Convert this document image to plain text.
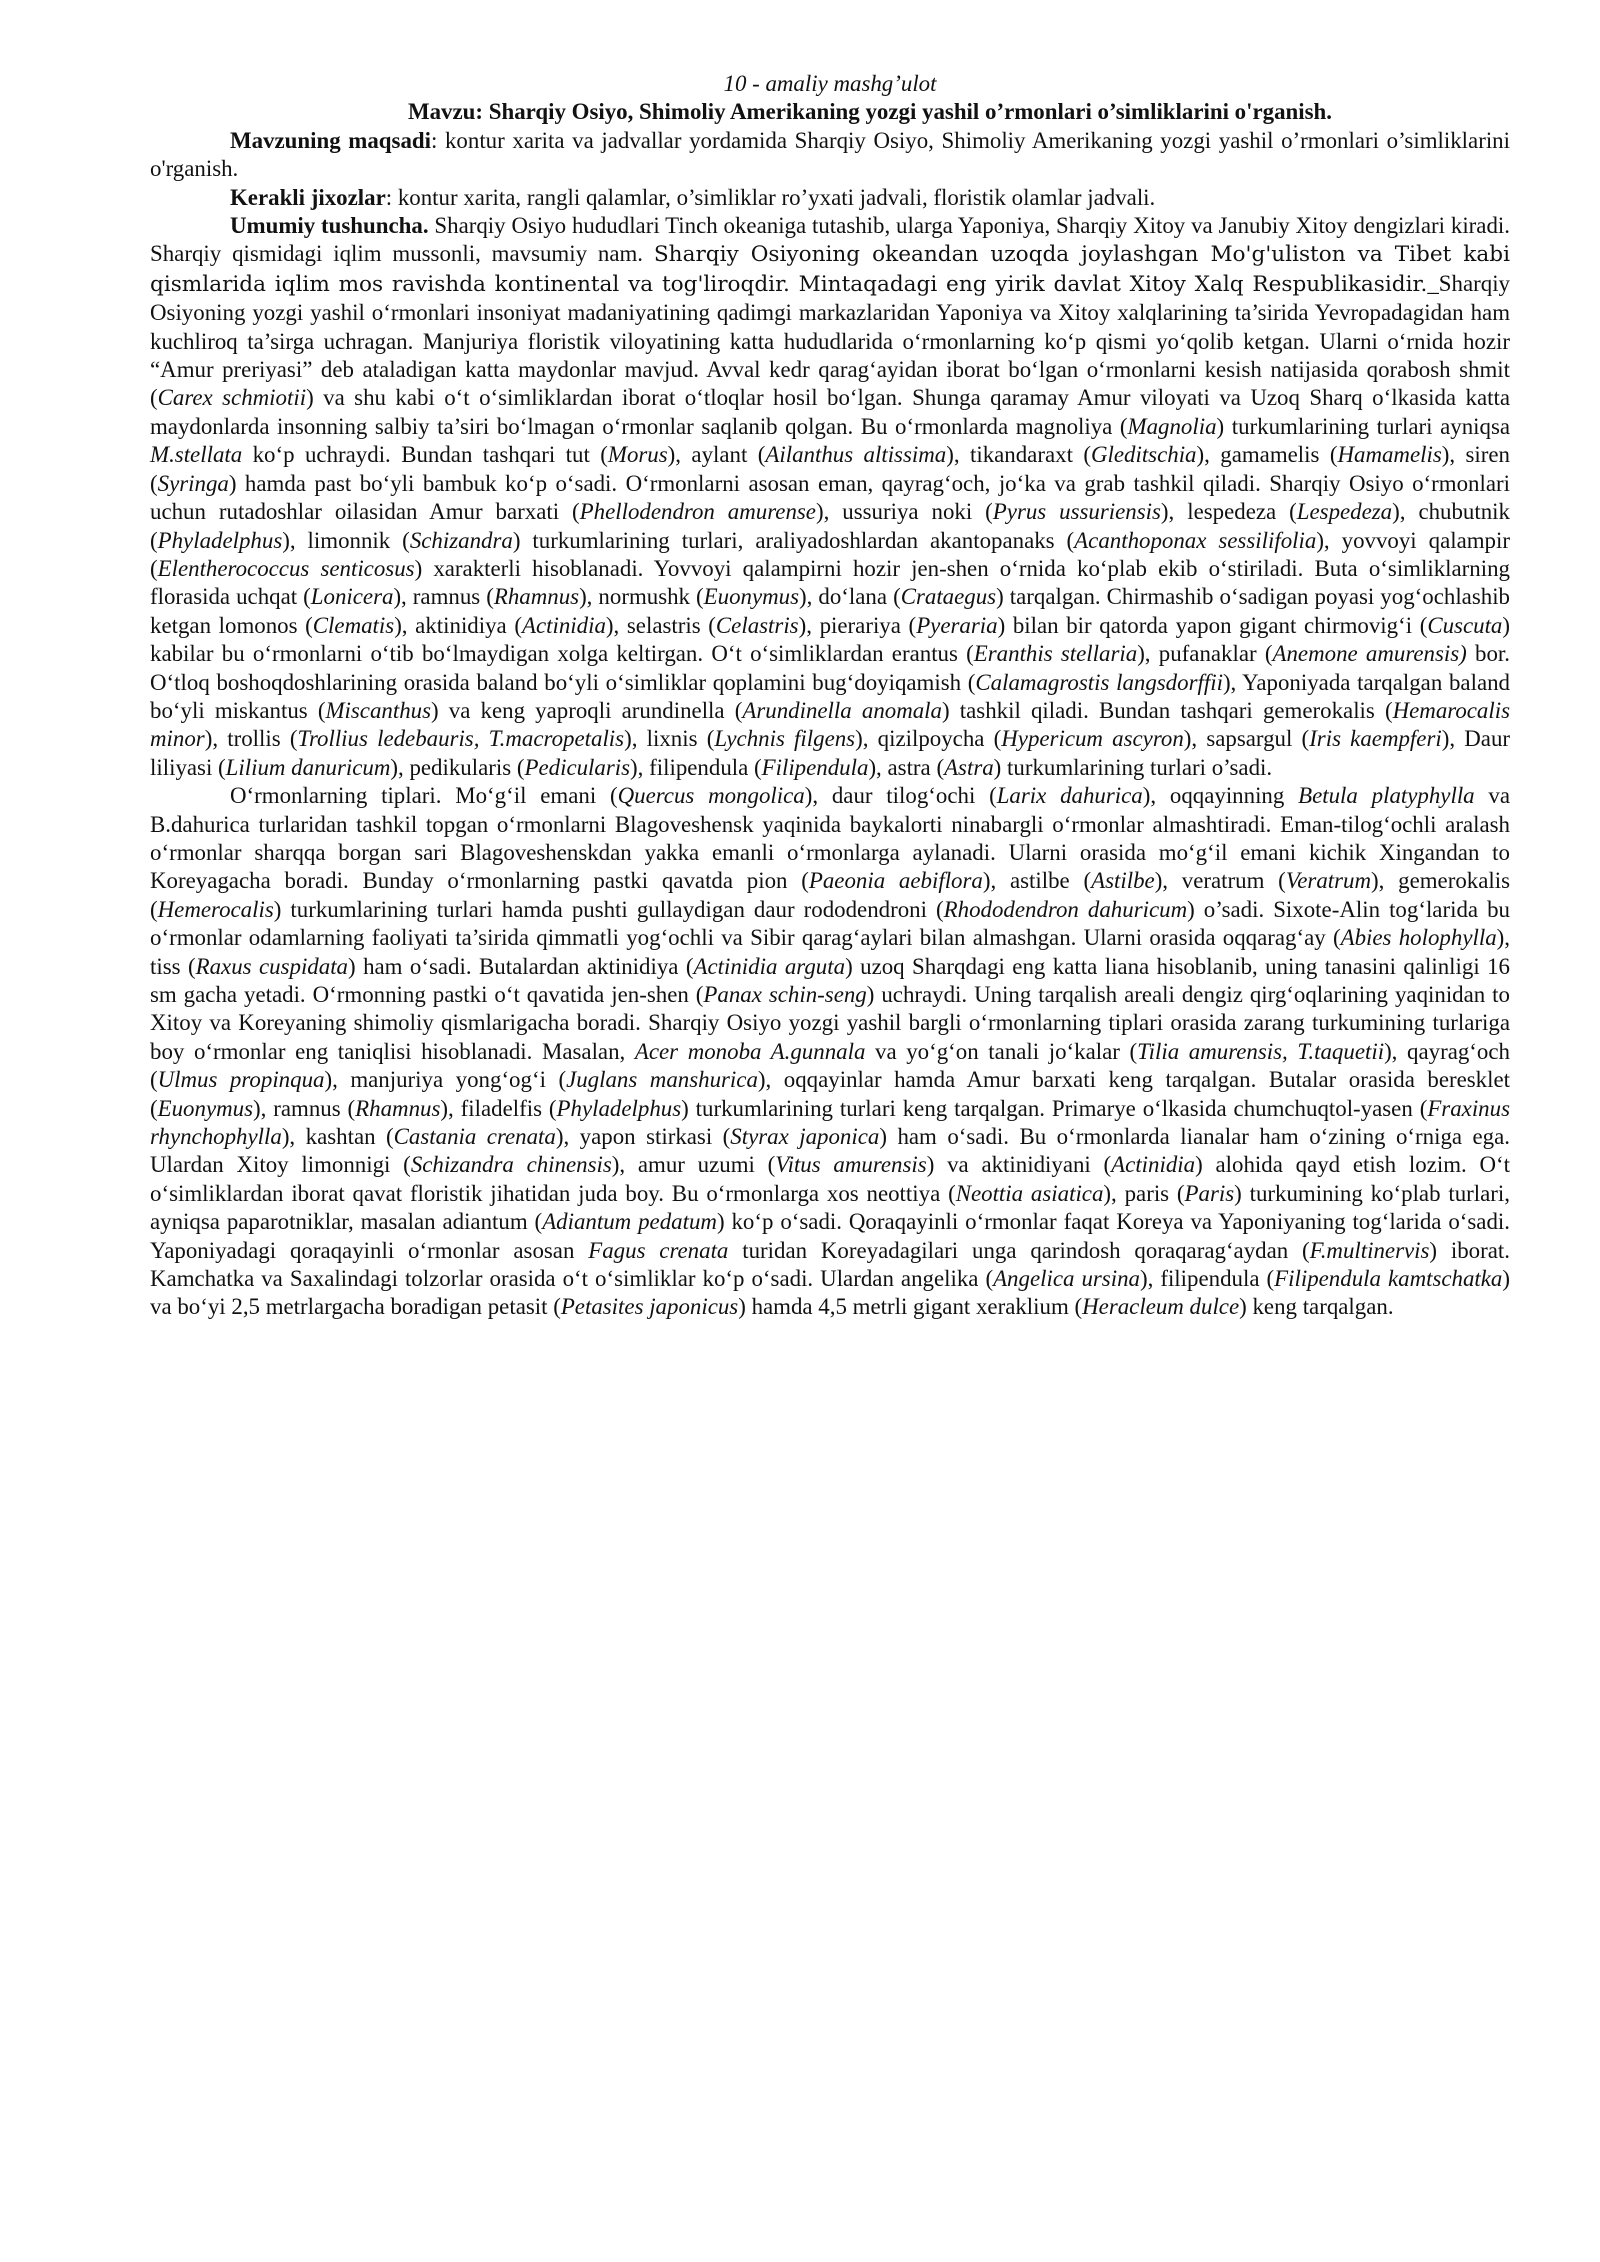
10 - amaliy mashg’ulot

Mavzu: Sharqiy Osiyo, Shimoliy Amerikaning yozgi yashil o’rmonlari o’simliklarini o'rganish.

Mavzuning maqsadi: kontur xarita va jadvallar yordamida Sharqiy Osiyo, Shimoliy Amerikaning yozgi yashil o’rmonlari o’simliklarini o'rganish.

Kerakli jixozlar: kontur xarita, rangli qalamlar, o’simliklar ro’yxati jadvali, floristik olamlar jadvali.

Umumiy tushuncha. Sharqiy Osiyo hududlari Tinch okeaniga tutashib, ularga Yaponiya, Sharqiy Xitoy va Janubiy Xitoy dengizlari kiradi. Sharqiy qismidagi iqlim mussonli, mavsumiy nam. Sharqiy Osiyoning okeandan uzoqda joylashgan Mo'g'uliston va Tibet kabi qismlarida iqlim mos ravishda kontinental va tog'liroqdir. Mintaqadagi eng yirik davlat Xitoy Xalq Respublikasidir._Sharqiy Osiyoning yozgi yashil oʻrmonlari insoniyat madaniyatining qadimgi markazlaridan Yaponiya va Xitoy xalqlarining ta’sirida Yevropadagidan ham kuchliroq ta’sirga uchragan. Manjuriya floristik viloyatining katta hududlarida oʻrmonlarning koʻp qismi yoʻqolib ketgan. Ularni oʻrnida hozir “Amur preriyasi” deb ataladigan katta maydonlar mavjud. Avval kedr qaragʻayidan iborat boʻlgan oʻrmonlarni kesish natijasida qorabosh shmit (Carex schmiotii) va shu kabi oʻt oʻsimliklardan iborat oʻtloqlar hosil boʻlgan. Shunga qaramay Amur viloyati va Uzoq Sharq oʻlkasida katta maydonlarda insonning salbiy ta’siri boʻlmagan oʻrmonlar saqlanib qolgan. Bu oʻrmonlarda magnoliya (Magnolia) turkumlarining turlari ayniqsa M.stellata koʻp uchraydi. Bundan tashqari tut (Morus), aylant (Ailanthus altissima), tikandaraxt (Gleditschia), gamamelis (Hamamelis), siren (Syringa) hamda past boʻyli bambuk koʻp oʻsadi. Oʻrmonlarni asosan eman, qayragʻoch, joʻka va grab tashkil qiladi. Sharqiy Osiyo oʻrmonlari uchun rutadoshlar oilasidan Amur barxati (Phellodendron amurense), ussuriya noki (Pyrus ussuriensis), lespedeza (Lespedeza), chubutnik (Phyladelphus), limonnik (Schizandra) turkumlarining turlari, araliyadoshlardan akantopanaks (Acanthoponax sessilifolia), yovvoyi qalampir (Elentherococcus senticosus) xarakterli hisoblanadi. Yovvoyi qalampirni hozir jen-shen oʻrnida koʻplab ekib oʻstiriladi. Buta oʻsimliklarning florasida uchqat (Lonicera), ramnus (Rhamnus), normushk (Euonymus), doʻlana (Crataegus) tarqalgan. Chirmashib oʻsadigan poyasi yogʻochlashib ketgan lomonos (Clematis), aktinidiya (Actinidia), selastris (Celastris), pierariya (Pyeraria) bilan bir qatorda yapon gigant chirmovigʻi (Cuscuta) kabilar bu oʻrmonlarni oʻtib boʻlmaydigan xolga keltirgan. Oʻt oʻsimliklardan erantus (Eranthis stellaria), pufanaklar (Anemone amurensis) bor. Oʻtloq boshoqdoshlarining orasida baland boʻyli oʻsimliklar qoplamini bugʻdoyiqamish (Calamagrostis langsdorffii), Yaponiyada tarqalgan baland boʻyli miskantus (Miscanthus) va keng yaproqli arundinella (Arundinella anomala) tashkil qiladi. Bundan tashqari gemerokalis (Hemarocalis minor), trollis (Trollius ledebauris, T.macropetalis), lixnis (Lychnis filgens), qizilpoycha (Hypericum ascyron), sapsargul (Iris kaempferi), Daur liliyasi (Lilium danuricum), pedikularis (Pedicularis), filipendula (Filipendula), astra (Astra) turkumlarining turlari o’sadi.

Oʻrmonlarning tiplari. Moʻgʻil emani (Quercus mongolica), daur tilogʻochi (Larix dahurica), oqqayinning Betula platyphylla va B.dahurica turlaridan tashkil topgan oʻrmonlarni Blagoveshensk yaqinida baykalorti ninabargli oʻrmonlar almashtiradi. Eman-tilogʻochli aralash oʻrmonlar sharqqa borgan sari Blagoveshenskdan yakka emanli oʻrmonlarga aylanadi. Ularni orasida moʻgʻil emani kichik Xingandan to Koreyagacha boradi. Bunday oʻrmonlarning pastki qavatda pion (Paeonia aebiflora), astilbe (Astilbe), veratrum (Veratrum), gemerokalis (Hemerocalis) turkumlarining turlari hamda pushti gullaydigan daur rododendroni (Rhododendron dahuricum) o’sadi. Sixote-Alin togʻlarida bu oʻrmonlar odamlarning faoliyati ta’sirida qimmatli yogʻochli va Sibir qaragʻaylari bilan almashgan. Ularni orasida oqqaragʻay (Abies holophylla), tiss (Raxus cuspidata) ham oʻsadi. Butalardan aktinidiya (Actinidia arguta) uzoq Sharqdagi eng katta liana hisoblanib, uning tanasini qalinligi 16 sm gacha yetadi. Oʻrmonning pastki oʻt qavatida jen-shen (Panax schin-seng) uchraydi. Uning tarqalish areali dengiz qirgʻoqlarining yaqinidan to Xitoy va Koreyaning shimoliy qismlarigacha boradi. Sharqiy Osiyo yozgi yashil bargli oʻrmonlarning tiplari orasida zarang turkumining turlariga boy oʻrmonlar eng taniqlisi hisoblanadi. Masalan, Acer monoba A.gunnala va yoʻgʻon tanali joʻkalar (Tilia amurensis, T.taquetii), qayragʻoch (Ulmus propinqua), manjuriya yongʻogʻi (Juglans manshurica), oqqayinlar hamda Amur barxati keng tarqalgan. Butalar orasida beresklet (Euonymus), ramnus (Rhamnus), filadelfis (Phyladelphus) turkumlarining turlari keng tarqalgan. Primarye oʻlkasida chumchuqtol-yasen (Fraxinus rhynchophylla), kashtan (Castania crenata), yapon stirkasi (Styrax japonica) ham oʻsadi. Bu oʻrmonlarda lianalar ham oʻzining oʻrniga ega. Ulardan Xitoy limonnigi (Schizandra chinensis), amur uzumi (Vitus amurensis) va aktinidiyani (Actinidia) alohida qayd etish lozim. Oʻt oʻsimliklardan iborat qavat floristik jihatidan juda boy. Bu oʻrmonlarga xos neottiya (Neottia asiatica), paris (Paris) turkumining koʻplab turlari, ayniqsa paparotniklar, masalan adiantum (Adiantum pedatum) koʻp oʻsadi. Qoraqayinli oʻrmonlar faqat Koreya va Yaponiyaning togʻlarida oʻsadi. Yaponiyadagi qoraqayinli oʻrmonlar asosan Fagus crenata turidan Koreyadagilari unga qarindosh qoraqaragʻaydan (F.multinervis) iborat. Kamchatka va Saxalindagi tolzorlar orasida oʻt oʻsimliklar koʻp oʻsadi. Ulardan angelika (Angelica ursina), filipendula (Filipendula kamtschatka) va boʻyi 2,5 metrlargacha boradigan petasit (Petasites japonicus) hamda 4,5 metrli gigant xeraklium (Heracleum dulce) keng tarqalgan.
